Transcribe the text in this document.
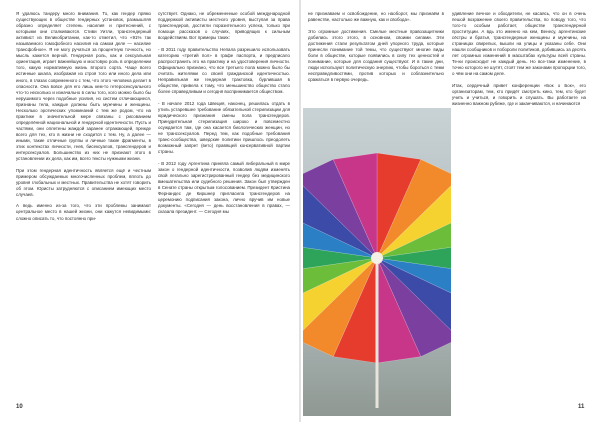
Я удалюсь тандеру много внимания. То, как гендер прямо существующих в обществе гендерных установок, размышляя образно определяет степень насилия и притеснений, с которыми они сталкиваются. Стиви Уитли, трансгендерный активист из Великобритании, как-то отметил, что «91% так называемого гомофобного насилия на самом деле — насилие трансфобное». Я не могу ручаться за процентную точность, но мысль кажется верной. Гендерная роль, как и сексуальная ориентация, играет важнейшую и мостовую роль в определении того, какую нормативную жизнь второго сорта. Чаще всего истинные шкала, изображая из строя того или иного дела или иного, в глазах современного с тем, что этого человека делает в опасности. Она вовсе для его лишь кем-то гетеросексуального что-то несколько и изначально в силы того, кого можно было бы нерушимого через подобные усилия, но систем отличающиеся, признаны тела, каждые должны быть мужчины и женщины. Несколько эротических упоминаний с тем же родом, что на практике в значительной мере связаны с рисованием определённой национальной и гендерной идентичности. Пусть и частями, они оплетены жаждой заранее отражающей, прежде всего для тех, кто в жизни не сходится с тем. Ну, а далее — иными, такие отличные группы и личные такие фрагменты, в этих контекстах личности, геев, бисексуалов, трансгендеров и интерсексуалов. Большинство из них не признают этого в установлении их дела, как им, всего тексты нужными жизни.

При этом гендерная идентичность является ещё и честным примером обсуждаемых многочисленных проблем, вплоть до уровня глобальных и местных. Правительства не хотят говорить об этом. Юристы затрудняются с описанием имеющих место случаев.

А ведь именно из-за того, что эти проблемы занимают центральное место в нашей жизни, они кажутся невидимыми: сложно описать то, что постоянно при-

сутствует. Однако, не обремененные особой международной поддержкой активисты местного уровня, выступая за права трансгендеров, достигли поразительного успеха, только при помощи рассказов о случаях, приводящих к сильным воздействиям. Вот примеры таких:

- В 2011 году правительство Непала разрешило использовать категорию «третий пол» в графе паспорта, и предписало распространить это на практику и на удостоверения личности. Официально признано, что все третьего пола можно было бы считать жителями со своей гражданской идентичностью. Неправильная же гендерная трактовка, бурлившая в обществе, привела к тому, что меньшинство общество стало более справедливым и сегодня воспринимается обществом.

- В начале 2012 года Швеция, наконец, решилась отдать в утиль устаревшее требование обязательной стерилизации для юридического признания смены пола трансгендеров. Принудительная стерилизация широко и повсеместно осуждается там, где она касается биологических женщин, но не транссексуалов. Перед тем, как подобные требования транс-сообщества, шведские политики пришлось преодолеть возможный запрет (вето) правящей консервативной партии страны.

- В 2012 году Аргентина приняла самый либеральный в мире закон о гендерной идентичности, позволив людям изменять свой легально зарегистрированный гендер без медицинского вмешательства или судебного решения. Закон был утвержден в Сенате страны открытым голосованием. Президент Кристина Фернандес де Киршнер пригласила трансгендеров на церемонию подписания закона, лично вручив им новые документы. «Сегодня — день восстановления в правах, — сказала президент. — Сегодня мы

не признаваем и освобождение, но наоборот, мы признаём в равенстве, настолько же важную, как и свобода».

Это огромные достижения. Смелые местные правозащитники добились этого этого, в основном, своими силами. Эти достижения стали результатом дней упорного труда, которые принесли понимание той темы, что существуют многие виды боли в обществе, которые появились в силу тех ценностей и понимание, которые для создания существуют. И в такие дни, люди используют политическую энергию, чтобы бороться с теми несправедливостями, против которых и соблазнительно сражаться в первую очередь.

удивление вечное и обходители, не касаясь, что он в очень пешой возражение своего правительства, по поводу того, что того-то особым работает, обществе трансгендерной проституции. А вдь это именно на кем, Венесу, аргентинские сёстры и братья, трансгендерные женщины и мужчины, на страницах свирепых, вышли на улицы и указаны себе. Они нашли сообщников и побороли политиков, добившись за десять лет огромных изменений в масштабах культуры всей страны. Те-ки происходит не каждый день. Но все-таки изменение, в точно которого не шутят, стоят тем же законами пропорции того, о чём они на самом деле.

Итак, сердечный привет конференции «Бок о Бок», его организаторам, тем, кто придёт смотреть кино, тем, кто будет учить и учиться, и говорить и слушать. Вы работаете на жизненно важном рубеже, где и заканчиваются, и начинаются

10	11
